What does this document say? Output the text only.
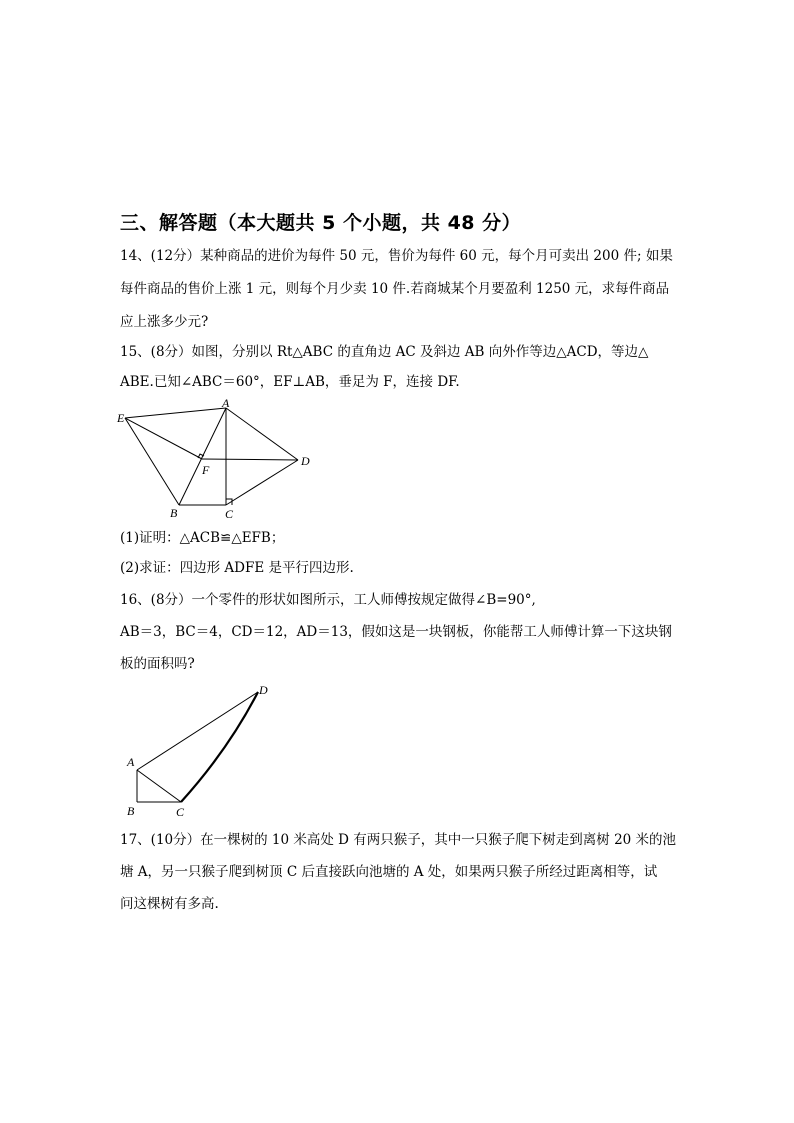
三、解答题（本大题共 5 个小题，共 48 分）
14、(12分）某种商品的进价为每件 50 元，售价为每件 60 元，每个月可卖出 200 件; 如果
每件商品的售价上涨 1 元，则每个月少卖 10 件.若商城某个月要盈利 1250 元，求每件商品
应上涨多少元?
15、(8分）如图，分别以 Rt△ABC 的直角边 AC 及斜边 AB 向外作等边△ACD，等边△
ABE.已知∠ABC＝60°，EF⊥AB，垂足为 F，连接 DF.
E
A
D
F
B	C
(1)证明：△ACB≌△EFB；
(2)求证：四边形 ADFE 是平行四边形.
16、(8分）一个零件的形状如图所示，工人师傅按规定做得∠B=90°,
AB＝3，BC＝4，CD＝12，AD＝13，假如这是一块钢板，你能帮工人师傅计算一下这块钢
板的面积吗?
D
A
B	C
17、(10分）在一棵树的 10 米高处 D 有两只猴子，其中一只猴子爬下树走到离树 20 米的池
塘 A，另一只猴子爬到树顶 C 后直接跃向池塘的 A 处，如果两只猴子所经过距离相等，试
问这棵树有多高.
